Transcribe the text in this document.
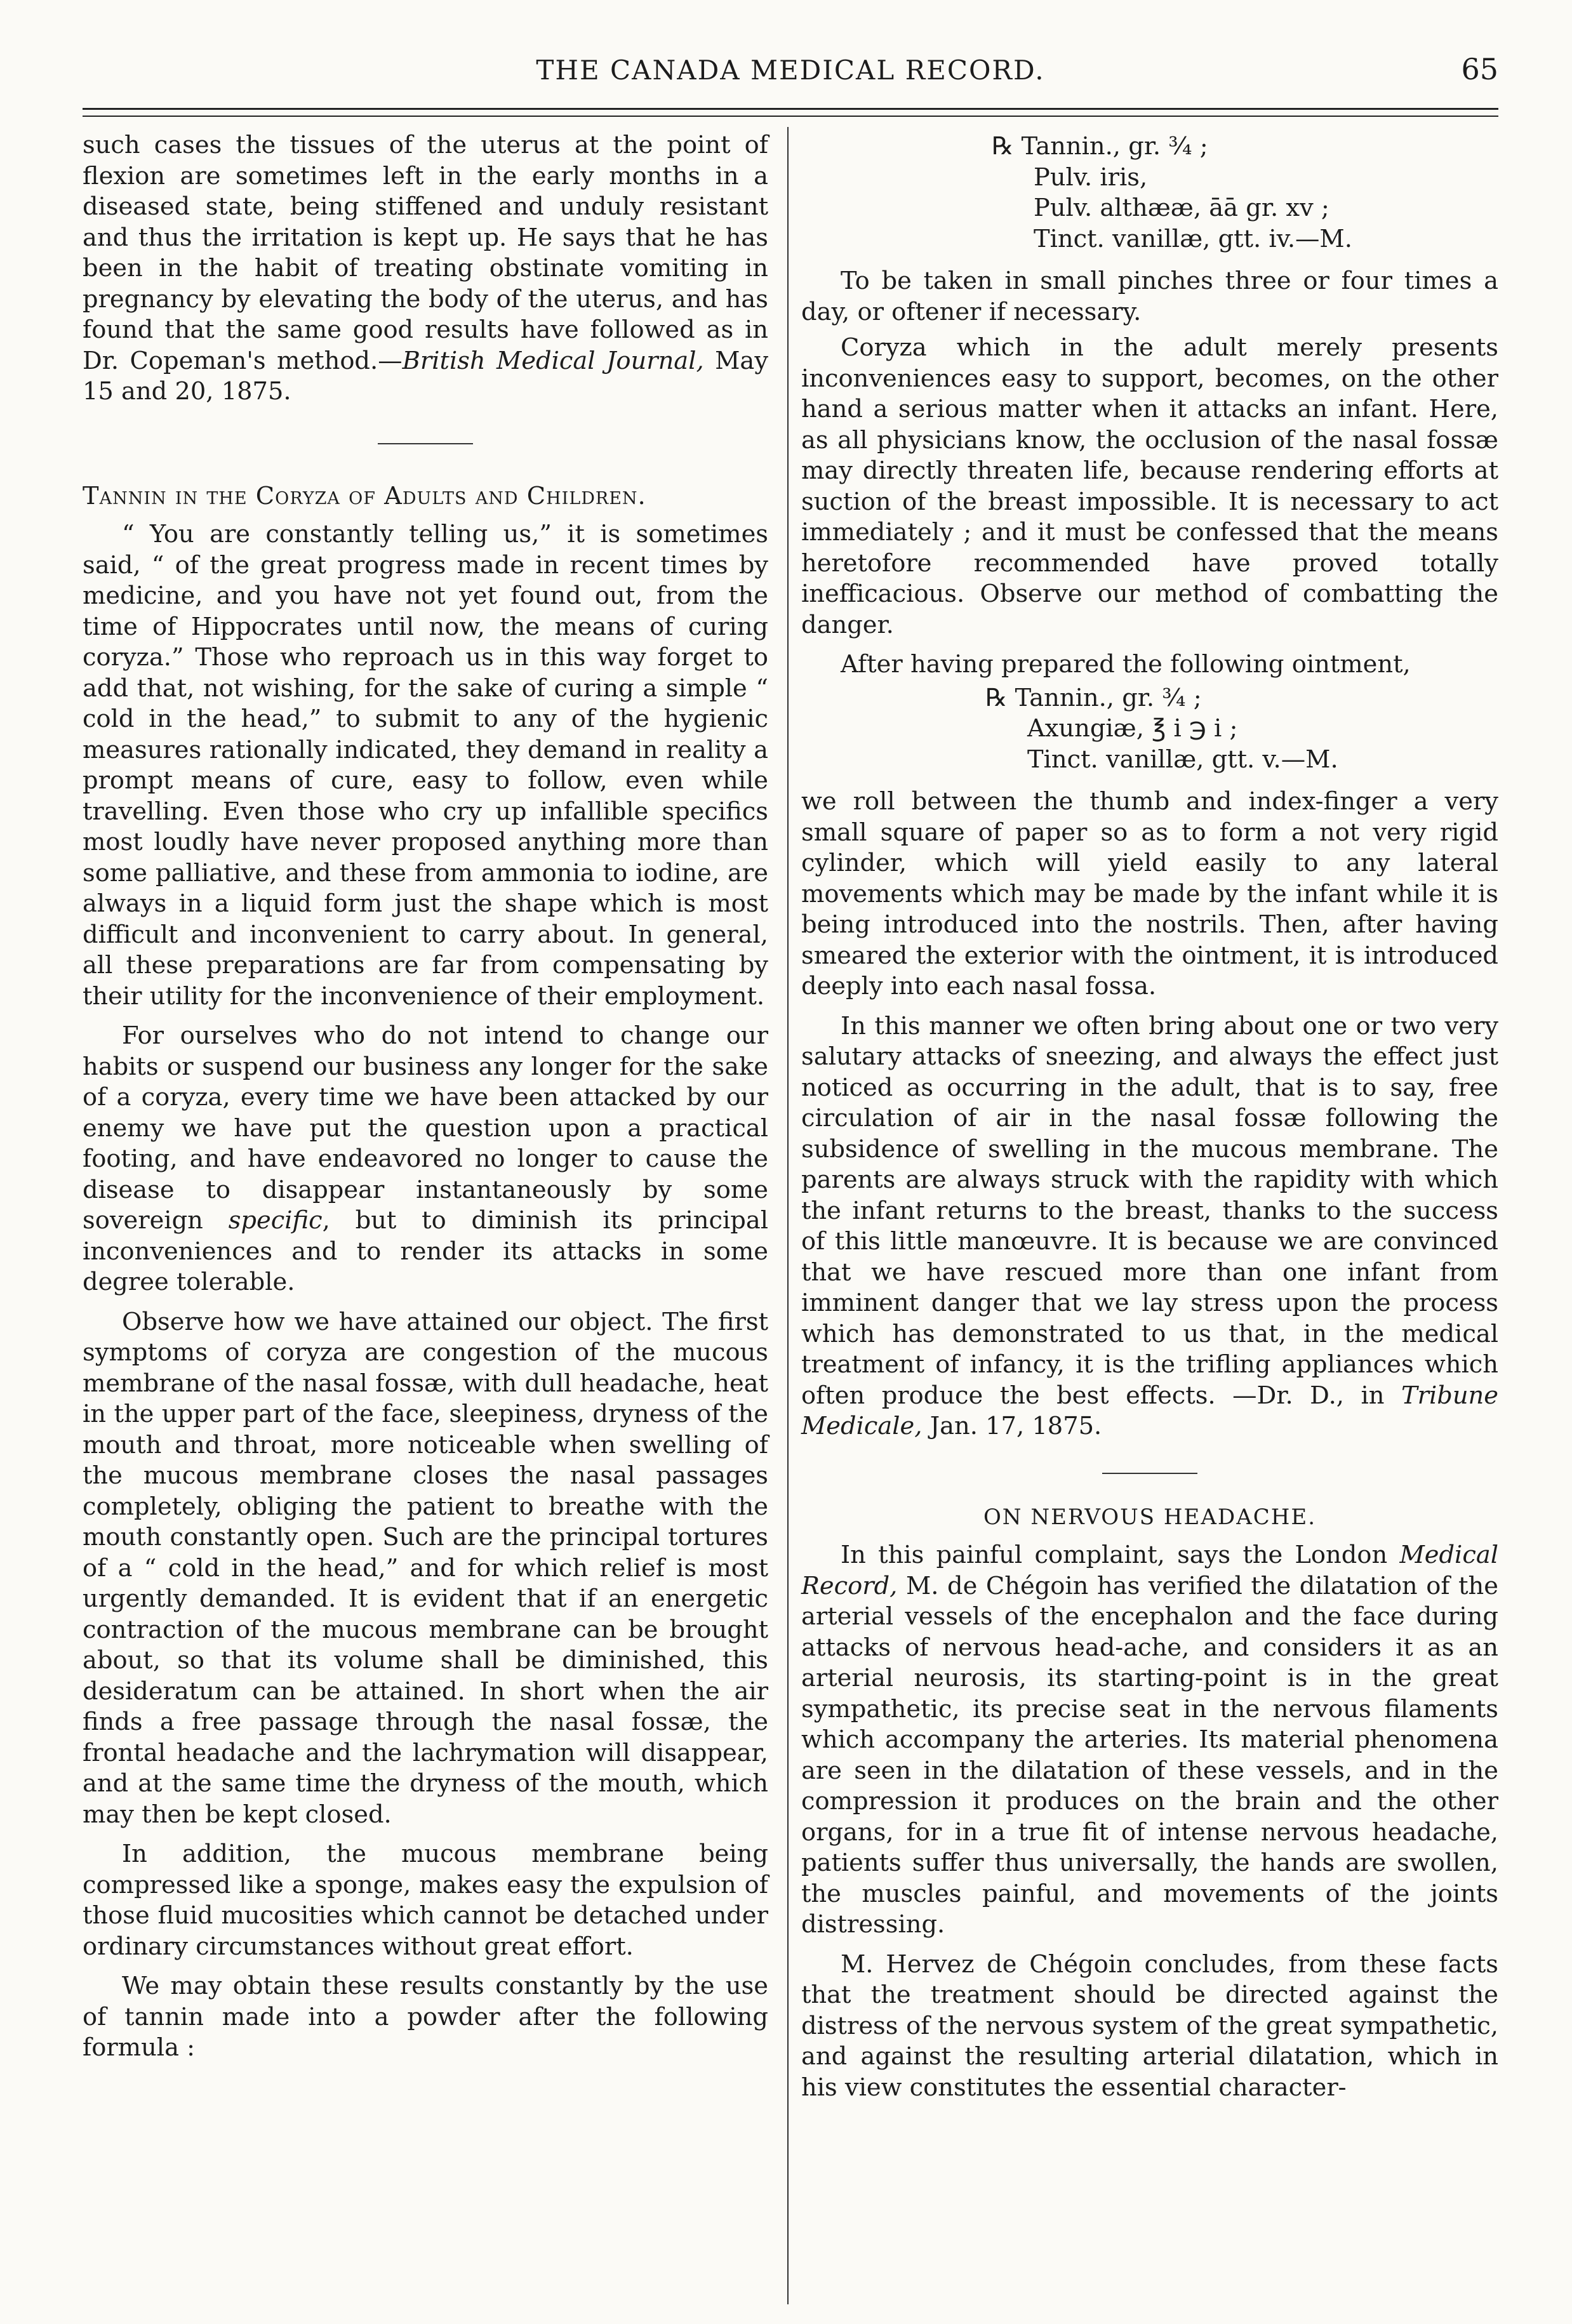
THE CANADA MEDICAL RECORD.	65

such cases the tissues of the uterus at the point of flexion are sometimes left in the early months in a diseased state, being stiffened and unduly resistant and thus the irritation is kept up. He says that he has been in the habit of treating obstinate vomiting in pregnancy by elevating the body of the uterus, and has found that the same good results have followed as in Dr. Copeman's method.—British Medical Journal, May 15 and 20, 1875.

Tannin in the Coryza of Adults and Children.

“ You are constantly telling us,” it is sometimes said, “ of the great progress made in recent times by medicine, and you have not yet found out, from the time of Hippocrates until now, the means of curing coryza.” Those who reproach us in this way forget to add that, not wishing, for the sake of curing a simple “ cold in the head,” to submit to any of the hygienic measures rationally indicated, they demand in reality a prompt means of cure, easy to follow, even while travelling. Even those who cry up infallible specifics most loudly have never proposed anything more than some palliative, and these from ammonia to iodine, are always in a liquid form just the shape which is most difficult and inconvenient to carry about. In general, all these preparations are far from compensating by their utility for the inconvenience of their employment.

For ourselves who do not intend to change our habits or suspend our business any longer for the sake of a coryza, every time we have been attacked by our enemy we have put the question upon a practical footing, and have endeavored no longer to cause the disease to disappear instantaneously by some sovereign specific, but to diminish its principal inconveniences and to render its attacks in some degree tolerable.

Observe how we have attained our object. The first symptoms of coryza are congestion of the mucous membrane of the nasal fossæ, with dull headache, heat in the upper part of the face, sleepiness, dryness of the mouth and throat, more noticeable when swelling of the mucous membrane closes the nasal passages completely, obliging the patient to breathe with the mouth constantly open. Such are the principal tortures of a “ cold in the head,” and for which relief is most urgently demanded. It is evident that if an energetic contraction of the mucous membrane can be brought about, so that its volume shall be diminished, this desideratum can be attained. In short when the air finds a free passage through the nasal fossæ, the frontal headache and the lachrymation will disappear, and at the same time the dryness of the mouth, which may then be kept closed.

In addition, the mucous membrane being compressed like a sponge, makes easy the expulsion of those fluid mucosities which cannot be detached under ordinary circumstances without great effort.

We may obtain these results constantly by the use of tannin made into a powder after the following formula :

℞ Tannin., gr. ¾ ;
Pulv. iris,
Pulv. althææ, āā gr. xv ;
Tinct. vanillæ, gtt. iv.—M.

To be taken in small pinches three or four times a day, or oftener if necessary.

Coryza which in the adult merely presents inconveniences easy to support, becomes, on the other hand a serious matter when it attacks an infant. Here, as all physicians know, the occlusion of the nasal fossæ may directly threaten life, because rendering efforts at suction of the breast impossible. It is necessary to act immediately ; and it must be confessed that the means heretofore recommended have proved totally inefficacious. Observe our method of combatting the danger.

After having prepared the following ointment,

℞ Tannin., gr. ¾ ;
Axungiæ, ℥ i ℈ i ;
Tinct. vanillæ, gtt. v.—M.

we roll between the thumb and index-finger a very small square of paper so as to form a not very rigid cylinder, which will yield easily to any lateral movements which may be made by the infant while it is being introduced into the nostrils. Then, after having smeared the exterior with the ointment, it is introduced deeply into each nasal fossa.

In this manner we often bring about one or two very salutary attacks of sneezing, and always the effect just noticed as occurring in the adult, that is to say, free circulation of air in the nasal fossæ following the subsidence of swelling in the mucous membrane. The parents are always struck with the rapidity with which the infant returns to the breast, thanks to the success of this little manœuvre. It is because we are convinced that we have rescued more than one infant from imminent danger that we lay stress upon the process which has demonstrated to us that, in the medical treatment of infancy, it is the trifling appliances which often produce the best effects. —Dr. D., in Tribune Medicale, Jan. 17, 1875.

ON NERVOUS HEADACHE.

In this painful complaint, says the London Medical Record, M. de Chégoin has verified the dilatation of the arterial vessels of the encephalon and the face during attacks of nervous head-ache, and considers it as an arterial neurosis, its starting-point is in the great sympathetic, its precise seat in the nervous filaments which accompany the arteries. Its material phenomena are seen in the dilatation of these vessels, and in the compression it produces on the brain and the other organs, for in a true fit of intense nervous headache, patients suffer thus universally, the hands are swollen, the muscles painful, and movements of the joints distressing.

M. Hervez de Chégoin concludes, from these facts that the treatment should be directed against the distress of the nervous system of the great sympathetic, and against the resulting arterial dilatation, which in his view constitutes the essential character-
